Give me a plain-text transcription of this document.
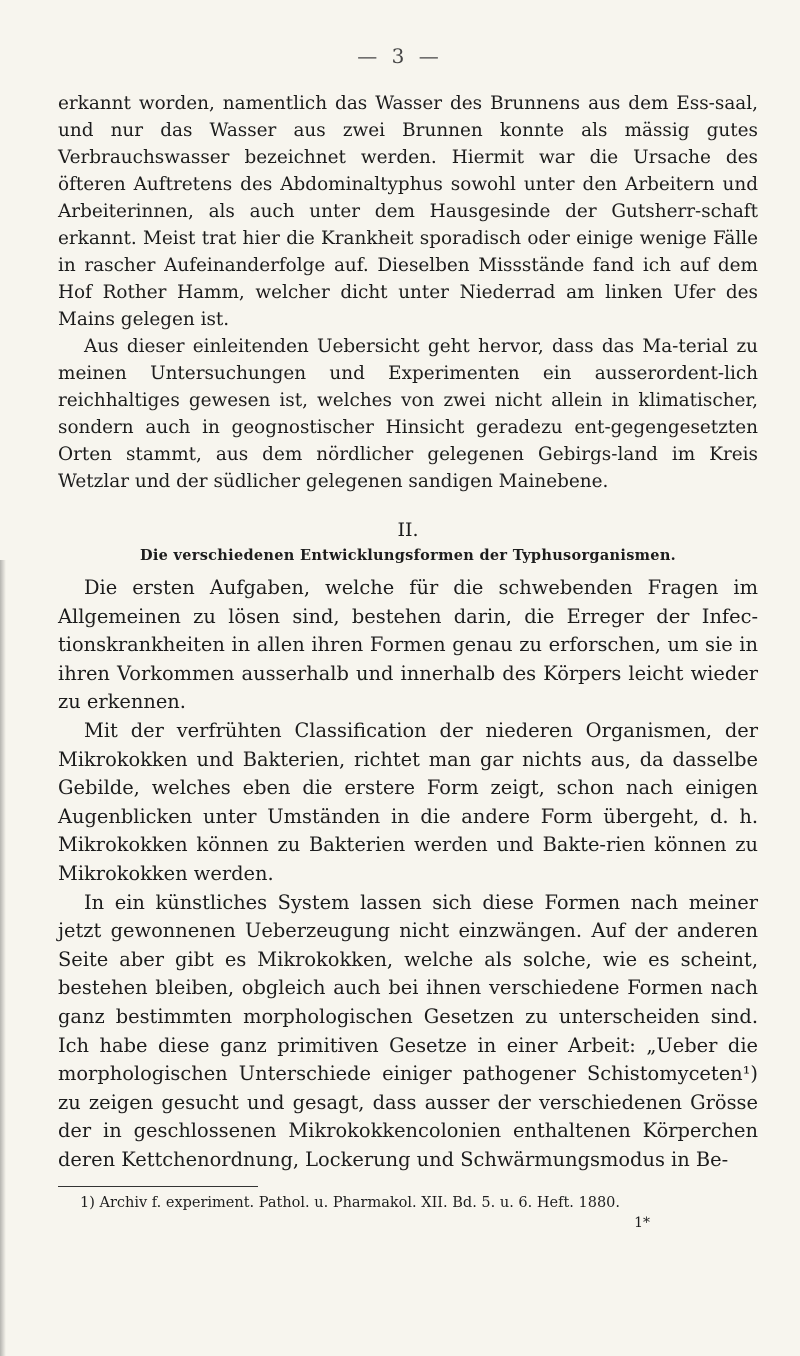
— 3 —

erkannt worden, namentlich das Wasser des Brunnens aus dem Ess-saal, und nur das Wasser aus zwei Brunnen konnte als mässig gutes Verbrauchswasser bezeichnet werden. Hiermit war die Ursache des öfteren Auftretens des Abdominaltyphus sowohl unter den Arbeitern und Arbeiterinnen, als auch unter dem Hausgesinde der Gutsherr-schaft erkannt. Meist trat hier die Krankheit sporadisch oder einige wenige Fälle in rascher Aufeinanderfolge auf. Dieselben Missstände fand ich auf dem Hof Rother Hamm, welcher dicht unter Niederrad am linken Ufer des Mains gelegen ist.

Aus dieser einleitenden Uebersicht geht hervor, dass das Ma-terial zu meinen Untersuchungen und Experimenten ein ausserordent-lich reichhaltiges gewesen ist, welches von zwei nicht allein in klimatischer, sondern auch in geognostischer Hinsicht geradezu ent-gegengesetzten Orten stammt, aus dem nördlicher gelegenen Gebirgs-land im Kreis Wetzlar und der südlicher gelegenen sandigen Mainebene.

II.
Die verschiedenen Entwicklungsformen der Typhusorganismen.

Die ersten Aufgaben, welche für die schwebenden Fragen im Allgemeinen zu lösen sind, bestehen darin, die Erreger der Infec-tionskrankheiten in allen ihren Formen genau zu erforschen, um sie in ihren Vorkommen ausserhalb und innerhalb des Körpers leicht wieder zu erkennen.

Mit der verfrühten Classification der niederen Organismen, der Mikrokokken und Bakterien, richtet man gar nichts aus, da dasselbe Gebilde, welches eben die erstere Form zeigt, schon nach einigen Augenblicken unter Umständen in die andere Form übergeht, d. h. Mikrokokken können zu Bakterien werden und Bakte-rien können zu Mikrokokken werden.

In ein künstliches System lassen sich diese Formen nach meiner jetzt gewonnenen Ueberzeugung nicht einzwängen. Auf der anderen Seite aber gibt es Mikrokokken, welche als solche, wie es scheint, bestehen bleiben, obgleich auch bei ihnen verschiedene Formen nach ganz bestimmten morphologischen Gesetzen zu unterscheiden sind. Ich habe diese ganz primitiven Gesetze in einer Arbeit: „Ueber die morphologischen Unterschiede einiger pathogener Schistomyceten¹) zu zeigen gesucht und gesagt, dass ausser der verschiedenen Grösse der in geschlossenen Mikrokokkencolonien enthaltenen Körperchen deren Kettchenordnung, Lockerung und Schwärmungsmodus in Be-

1) Archiv f. experiment. Pathol. u. Pharmakol. XII. Bd. 5. u. 6. Heft. 1880.

1*
